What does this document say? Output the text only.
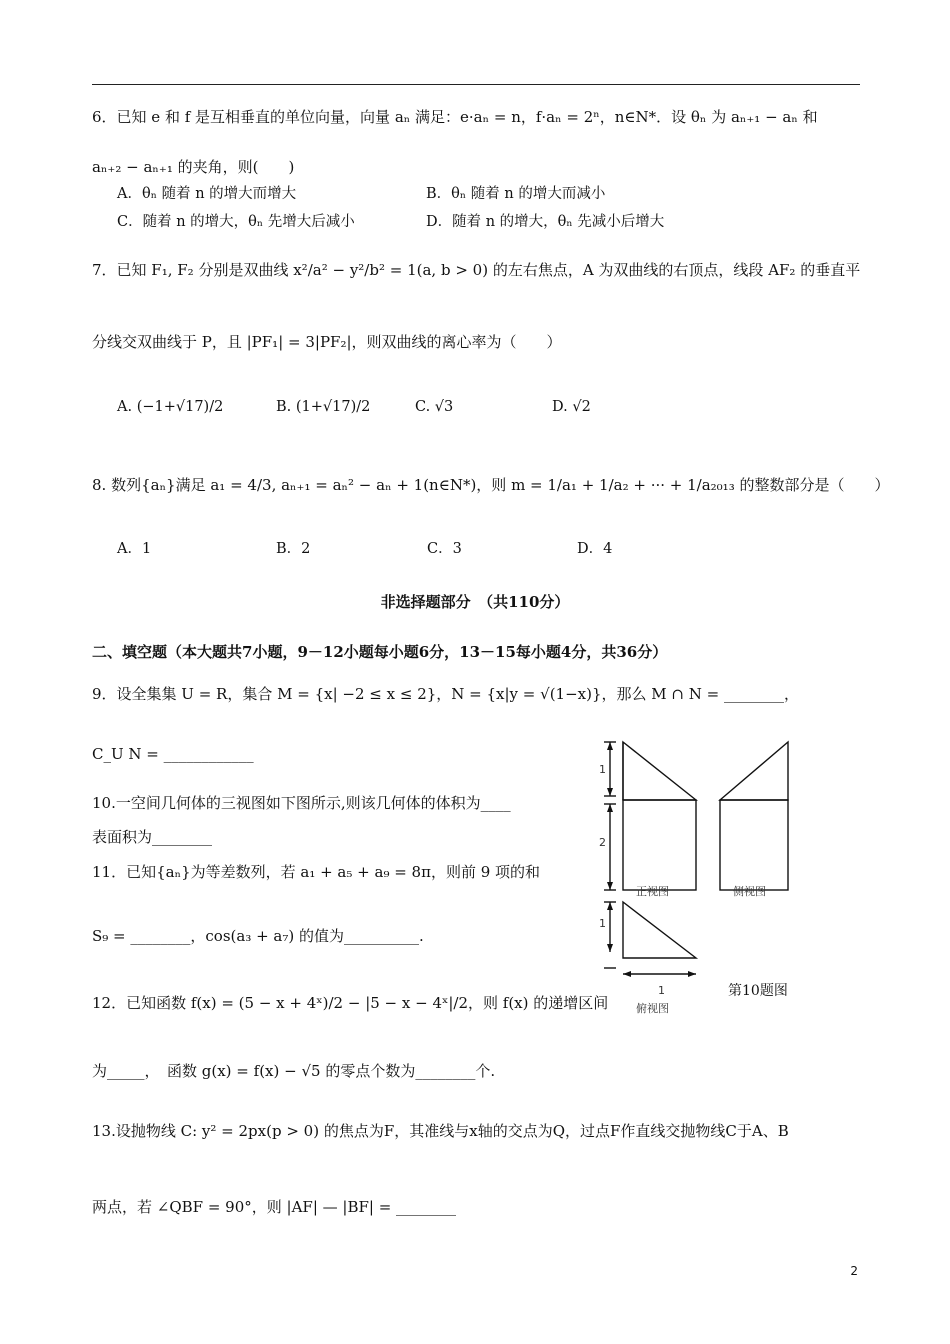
6．已知 e 和 f 是互相垂直的单位向量，向量 aₙ 满足：e·aₙ = n，f·aₙ = 2ⁿ，n∈N*．设 θₙ 为 aₙ₊₁ − aₙ 和
aₙ₊₂ − aₙ₊₁ 的夹角，则(　　)
A．θₙ 随着 n 的增大而增大	B．θₙ 随着 n 的增大而减小
C．随着 n 的增大，θₙ 先增大后减小	D．随着 n 的增大，θₙ 先减小后增大
7．已知 F₁, F₂ 分别是双曲线 x²/a² − y²/b² = 1(a, b > 0) 的左右焦点，A 为双曲线的右顶点，线段 AF₂ 的垂直平
分线交双曲线于 P，且 |PF₁| = 3|PF₂|，则双曲线的离心率为（　　）
A. (−1+√17)/2	B. (1+√17)/2	C. √3	D. √2
8. 数列{aₙ}满足 a₁ = 4/3, aₙ₊₁ = aₙ² − aₙ + 1(n∈N*)，则 m = 1/a₁ + 1/a₂ + ··· + 1/a₂₀₁₃ 的整数部分是（　　）
A．1	B．2	C．3	D．4
非选择题部分　（共110分）
二、填空题（本大题共7小题，9－12小题每小题6分，13－15每小题4分，共36分）
9．设全集集 U = R，集合 M = {x| −2 ≤ x ≤ 2}，N = {x|y = √(1−x)}，那么 M ∩ N = ________，
C_U N = ____________
10.一空间几何体的三视图如下图所示,则该几何体的体积为____
表面积为________
11．已知{aₙ}为等差数列，若 a₁ + a₅ + a₉ = 8π，则前 9 项的和
S₉ = ________，cos(a₃ + a₇) 的值为__________.
12．已知函数 f(x) = (5 − x + 4ˣ)/2 − |5 − x − 4ˣ|/2，则 f(x) 的递增区间
为_____，　函数 g(x) = f(x) − √5 的零点个数为________个.
13.设抛物线 C: y² = 2px(p > 0) 的焦点为F，其准线与x轴的交点为Q，过点F作直线交抛物线C于A、B
两点，若 ∠QBF = 90°，则 |AF| — |BF| = ________
1
2
1
1
正视图	侧视图
俯视图
第10题图
2
